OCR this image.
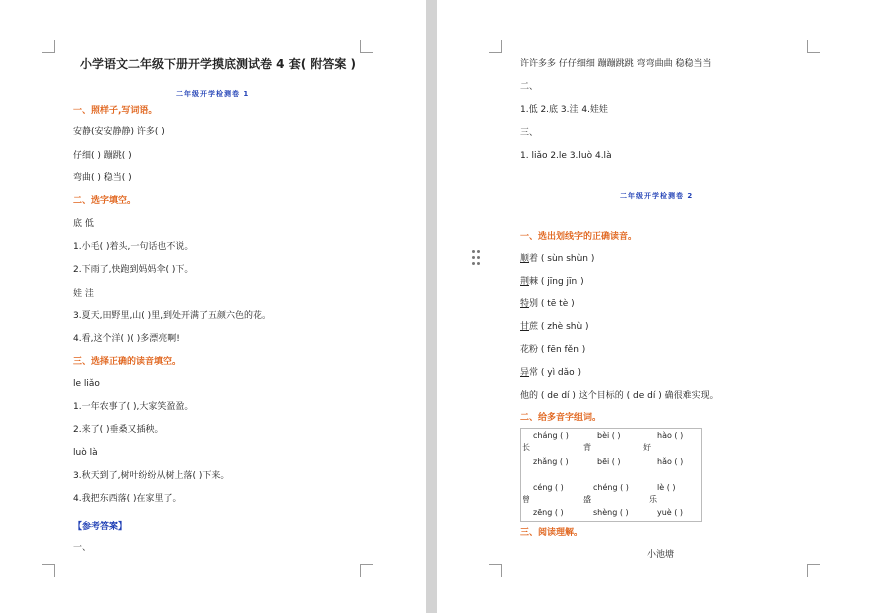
小学语文二年级下册开学摸底测试卷 4 套( 附答案 )
二年级开学检测卷 1
一、照样子,写词语。
安静(安安静静) 许多( )
仔细( ) 蹦跳( )
弯曲( ) 稳当( )
二、选字填空。
底 低
1.小毛( )着头,一句话也不说。
2.下雨了,快跑到妈妈伞( )下。
娃 洼
3.夏天,田野里,山( )里,到处开满了五颜六色的花。
4.看,这个洋( )( )多漂亮啊!
三、选择正确的读音填空。
le liǎo
1.一年农事了( ),大家笑盈盈。
2.来了( )垂桑又插秧。
luò là
3.秋天到了,树叶纷纷从树上落( )下来。
4.我把东西落( )在家里了。
【参考答案】
一、
许许多多 仔仔细细 蹦蹦跳跳 弯弯曲曲 稳稳当当
二、
1.低 2.底 3.洼 4.娃娃
三、
1. liǎo 2.le 3.luò 4.là
二年级开学检测卷 2
一、选出划线字的正确读音。
顺着 ( sùn shùn )
荆棘 ( jīng jīn )
特别 ( tē tè )
甘蔗 ( zhè shù )
花粉 ( fēn fěn )
异常 ( yì dǎo )
他的 ( de dí ) 这个目标的 ( de dí ) 确很难实现。
二、给多音字组词。
cháng ( )	bèi ( )	hào ( )
长	背	好
zhǎng ( )	bēi ( )	hǎo ( )
céng ( )	chéng ( )	lè ( )
曾	盛	乐
zēng ( )	shèng ( )	yuè ( )
三、阅读理解。
小池塘
